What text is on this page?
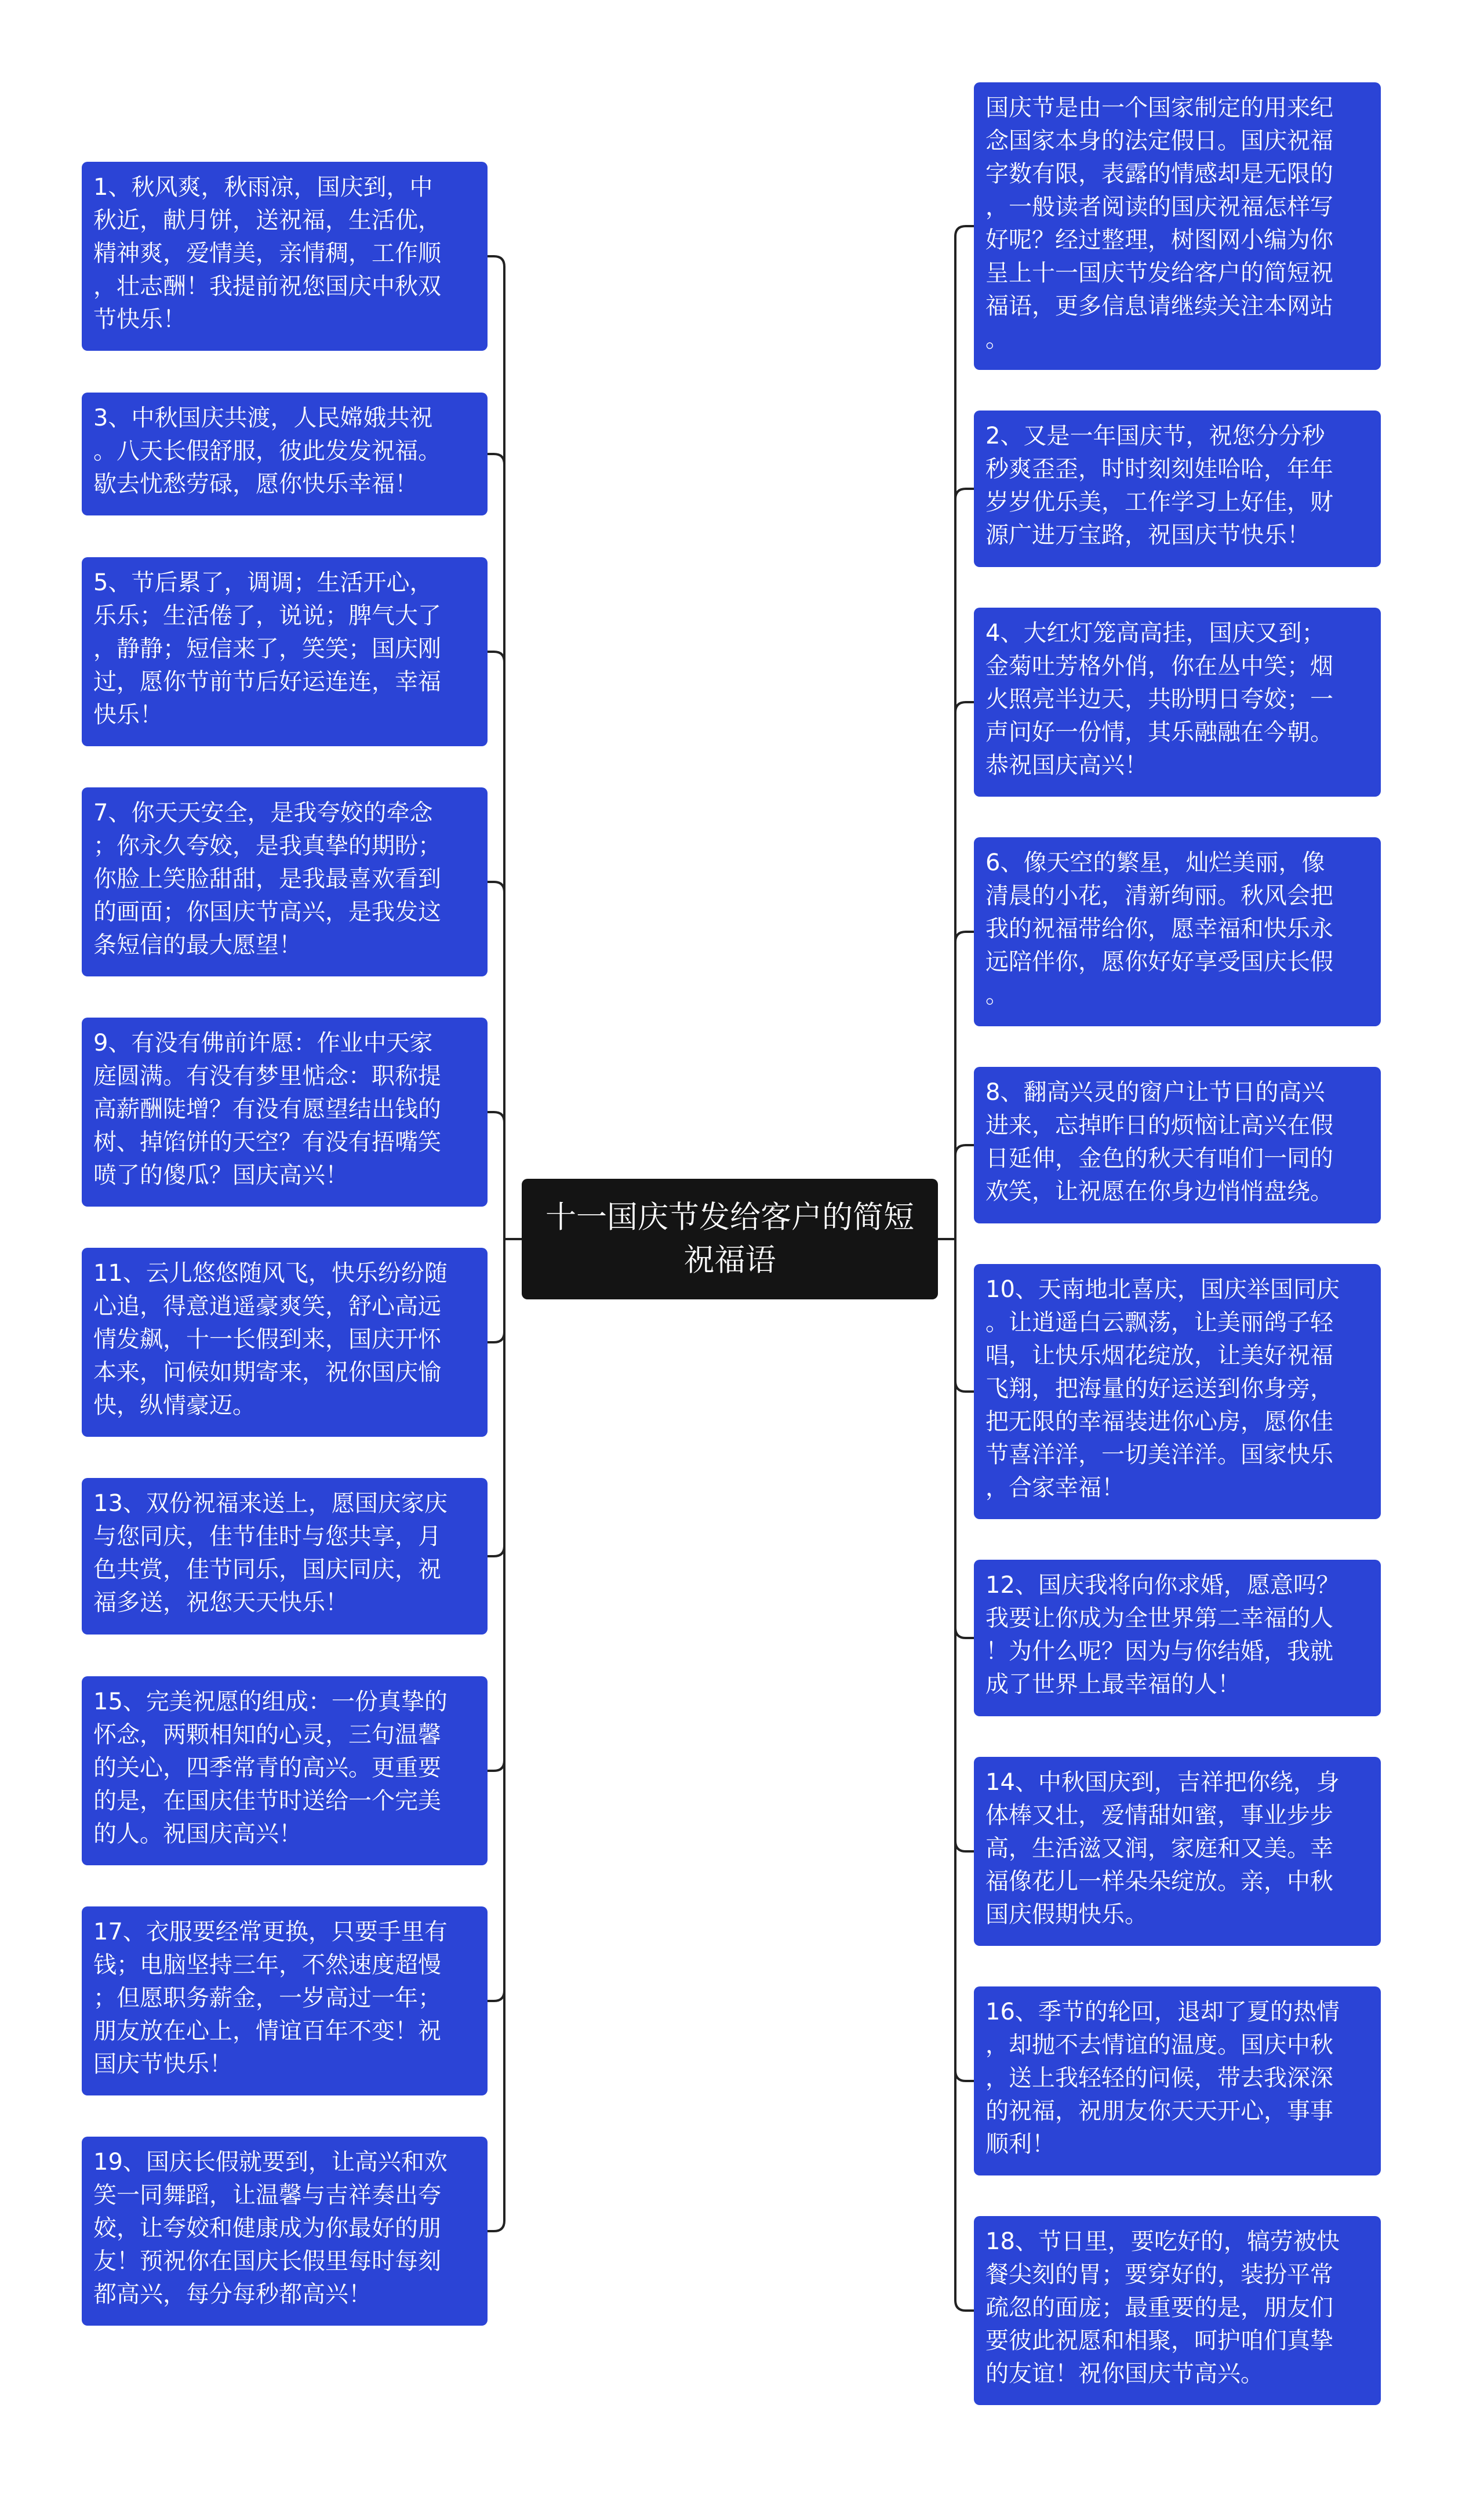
十一国庆节发给客户的简短祝福语
1、秋风爽，秋雨凉，国庆到，中
秋近，献月饼，送祝福，生活优，
精神爽，爱情美，亲情稠，工作顺
，壮志酬！我提前祝您国庆中秋双
节快乐！
3、中秋国庆共渡，人民嫦娥共祝
。八天长假舒服，彼此发发祝福。
歇去忧愁劳碌，愿你快乐幸福！
5、节后累了，调调；生活开心，
乐乐；生活倦了，说说；脾气大了
，静静；短信来了，笑笑；国庆刚
过，愿你节前节后好运连连，幸福
快乐！
7、你天天安全，是我夸姣的牵念
；你永久夸姣，是我真挚的期盼；
你脸上笑脸甜甜，是我最喜欢看到
的画面；你国庆节高兴，是我发这
条短信的最大愿望！
9、有没有佛前许愿：作业中天家
庭圆满。有没有梦里惦念：职称提
高薪酬陡增？有没有愿望结出钱的
树、掉馅饼的天空？有没有捂嘴笑
喷了的傻瓜？国庆高兴！
11、云儿悠悠随风飞，快乐纷纷随
心追，得意逍遥豪爽笑，舒心高远
情发飙，十一长假到来，国庆开怀
本来，问候如期寄来，祝你国庆愉
快，纵情豪迈。
13、双份祝福来送上，愿国庆家庆
与您同庆，佳节佳时与您共享，月
色共赏，佳节同乐，国庆同庆，祝
福多送，祝您天天快乐！
15、完美祝愿的组成：一份真挚的
怀念，两颗相知的心灵，三句温馨
的关心，四季常青的高兴。更重要
的是，在国庆佳节时送给一个完美
的人。祝国庆高兴！
17、衣服要经常更换，只要手里有
钱；电脑坚持三年，不然速度超慢
；但愿职务薪金，一岁高过一年；
朋友放在心上，情谊百年不变！祝
国庆节快乐！
19、国庆长假就要到，让高兴和欢
笑一同舞蹈，让温馨与吉祥奏出夸
姣，让夸姣和健康成为你最好的朋
友！预祝你在国庆长假里每时每刻
都高兴，每分每秒都高兴！
国庆节是由一个国家制定的用来纪
念国家本身的法定假日。国庆祝福
字数有限，表露的情感却是无限的
，一般读者阅读的国庆祝福怎样写
好呢？经过整理，树图网小编为你
呈上十一国庆节发给客户的简短祝
福语，更多信息请继续关注本网站
。
2、又是一年国庆节，祝您分分秒
秒爽歪歪，时时刻刻娃哈哈，年年
岁岁优乐美，工作学习上好佳，财
源广进万宝路，祝国庆节快乐！
4、大红灯笼高高挂，国庆又到；
金菊吐芳格外俏，你在丛中笑；烟
火照亮半边天，共盼明日夸姣；一
声问好一份情，其乐融融在今朝。
恭祝国庆高兴！
6、像天空的繁星，灿烂美丽，像
清晨的小花，清新绚丽。秋风会把
我的祝福带给你，愿幸福和快乐永
远陪伴你，愿你好好享受国庆长假
。
8、翻高兴灵的窗户让节日的高兴
进来，忘掉昨日的烦恼让高兴在假
日延伸，金色的秋天有咱们一同的
欢笑，让祝愿在你身边悄悄盘绕。
10、天南地北喜庆，国庆举国同庆
。让逍遥白云飘荡，让美丽鸽子轻
唱，让快乐烟花绽放，让美好祝福
飞翔，把海量的好运送到你身旁，
把无限的幸福装进你心房，愿你佳
节喜洋洋，一切美洋洋。国家快乐
，合家幸福！
12、国庆我将向你求婚，愿意吗？
我要让你成为全世界第二幸福的人
！为什么呢？因为与你结婚，我就
成了世界上最幸福的人！
14、中秋国庆到，吉祥把你绕，身
体棒又壮，爱情甜如蜜，事业步步
高，生活滋又润，家庭和又美。幸
福像花儿一样朵朵绽放。亲，中秋
国庆假期快乐。
16、季节的轮回，退却了夏的热情
，却抛不去情谊的温度。国庆中秋
，送上我轻轻的问候，带去我深深
的祝福，祝朋友你天天开心，事事
顺利！
18、节日里，要吃好的，犒劳被快
餐尖刻的胃；要穿好的，装扮平常
疏忽的面庞；最重要的是，朋友们
要彼此祝愿和相聚，呵护咱们真挚
的友谊！祝你国庆节高兴。
